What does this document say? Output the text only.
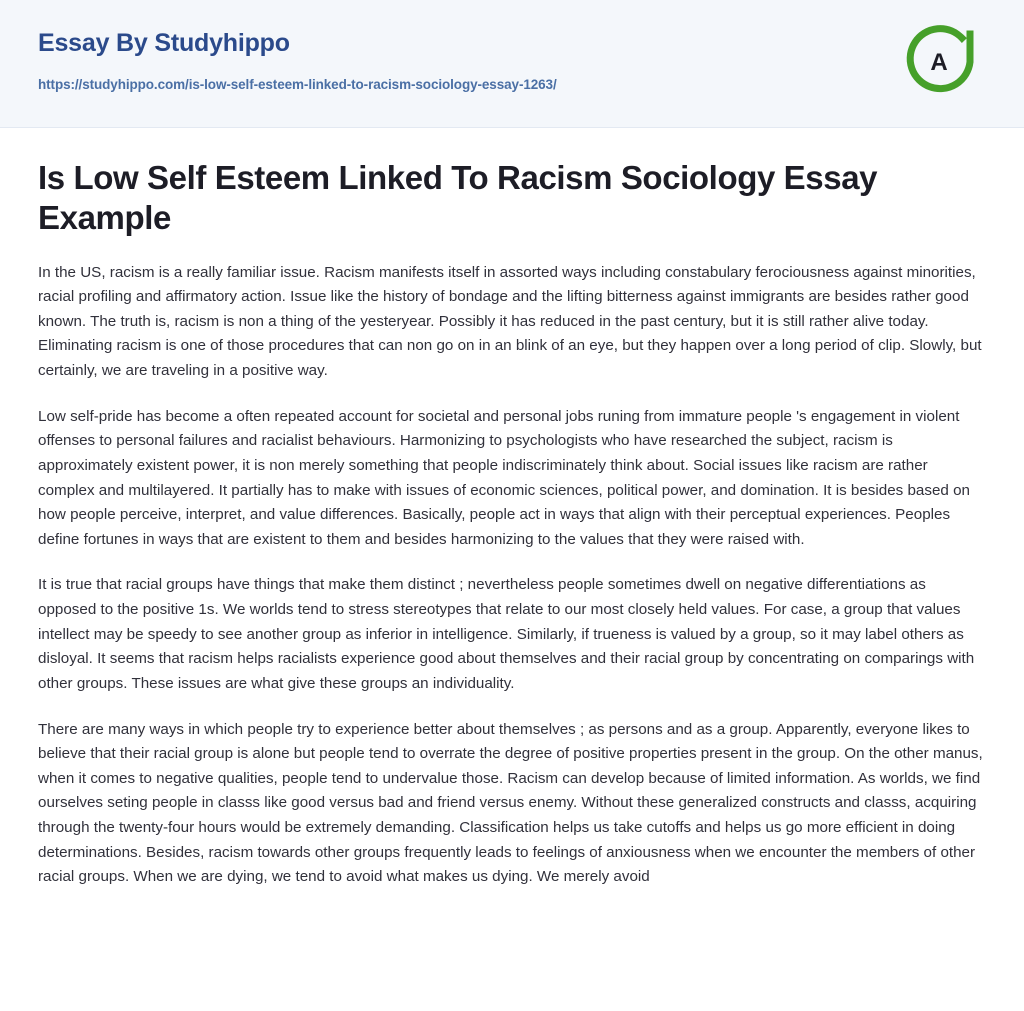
Essay By Studyhippo
https://studyhippo.com/is-low-self-esteem-linked-to-racism-sociology-essay-1263/
A
Is Low Self Esteem Linked To Racism Sociology Essay Example

In the US, racism is a really familiar issue. Racism manifests itself in assorted ways including constabulary ferociousness against minorities, racial profiling and affirmatory action. Issue like the history of bondage and the lifting bitterness against immigrants are besides rather good known. The truth is, racism is non a thing of the yesteryear. Possibly it has reduced in the past century, but it is still rather alive today. Eliminating racism is one of those procedures that can non go on in an blink of an eye, but they happen over a long period of clip. Slowly, but certainly, we are traveling in a positive way.

Low self-pride has become a often repeated account for societal and personal jobs runing from immature people 's engagement in violent offenses to personal failures and racialist behaviours. Harmonizing to psychologists who have researched the subject, racism is approximately existent power, it is non merely something that people indiscriminately think about. Social issues like racism are rather complex and multilayered. It partially has to make with issues of economic sciences, political power, and domination. It is besides based on how people perceive, interpret, and value differences. Basically, people act in ways that align with their perceptual experiences. Peoples define fortunes in ways that are existent to them and besides harmonizing to the values that they were raised with.

It is true that racial groups have things that make them distinct ; nevertheless people sometimes dwell on negative differentiations as opposed to the positive 1s. We worlds tend to stress stereotypes that relate to our most closely held values. For case, a group that values intellect may be speedy to see another group as inferior in intelligence. Similarly, if trueness is valued by a group, so it may label others as disloyal. It seems that racism helps racialists experience good about themselves and their racial group by concentrating on comparings with other groups. These issues are what give these groups an individuality.

There are many ways in which people try to experience better about themselves ; as persons and as a group. Apparently, everyone likes to believe that their racial group is alone but people tend to overrate the degree of positive properties present in the group. On the other manus, when it comes to negative qualities, people tend to undervalue those. Racism can develop because of limited information. As worlds, we find ourselves seting people in classs like good versus bad and friend versus enemy. Without these generalized constructs and classs, acquiring through the twenty-four hours would be extremely demanding. Classification helps us take cutoffs and helps us go more efficient in doing determinations. Besides, racism towards other groups frequently leads to feelings of anxiousness when we encounter the members of other racial groups. When we are dying, we tend to avoid what makes us dying. We merely avoid
